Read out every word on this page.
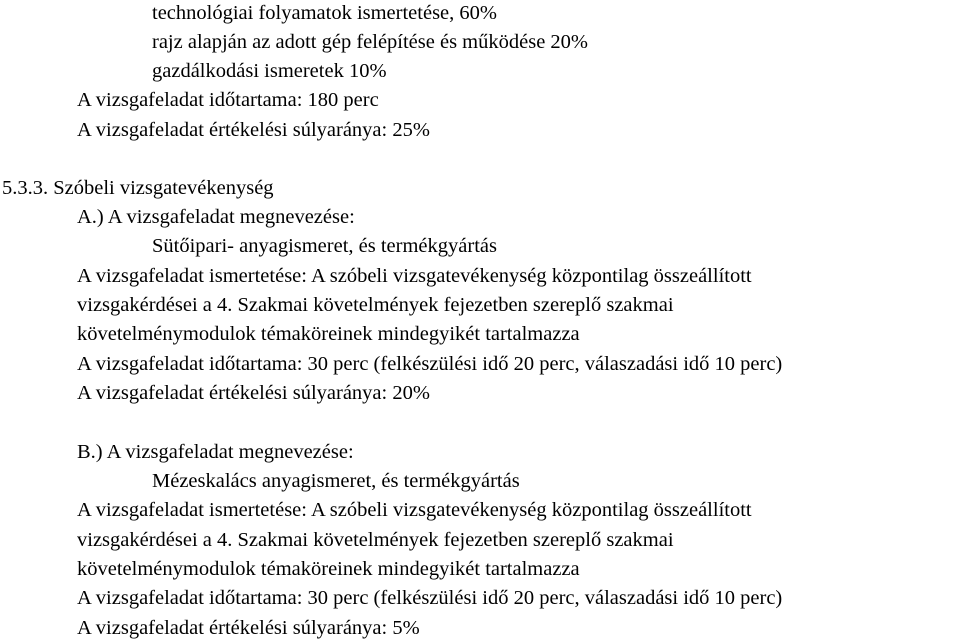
technológiai folyamatok ismertetése, 60%
rajz alapján az adott gép felépítése és működése 20%
gazdálkodási ismeretek 10%
A vizsgafeladat időtartama: 180 perc
A vizsgafeladat értékelési súlyaránya: 25%
5.3.3. Szóbeli vizsgatevékenység
A.) A vizsgafeladat megnevezése:
Sütőipari- anyagismeret, és termékgyártás
A vizsgafeladat ismertetése: A szóbeli vizsgatevékenység központilag összeállított
vizsgakérdései a 4. Szakmai követelmények fejezetben szereplő szakmai
követelménymodulok témaköreinek mindegyikét tartalmazza
A vizsgafeladat időtartama: 30 perc (felkészülési idő 20 perc, válaszadási idő 10 perc)
A vizsgafeladat értékelési súlyaránya: 20%
B.) A vizsgafeladat megnevezése:
Mézeskalács anyagismeret, és termékgyártás
A vizsgafeladat ismertetése: A szóbeli vizsgatevékenység központilag összeállított
vizsgakérdései a 4. Szakmai követelmények fejezetben szereplő szakmai
követelménymodulok témaköreinek mindegyikét tartalmazza
A vizsgafeladat időtartama: 30 perc (felkészülési idő 20 perc, válaszadási idő 10 perc)
A vizsgafeladat értékelési súlyaránya: 5%
